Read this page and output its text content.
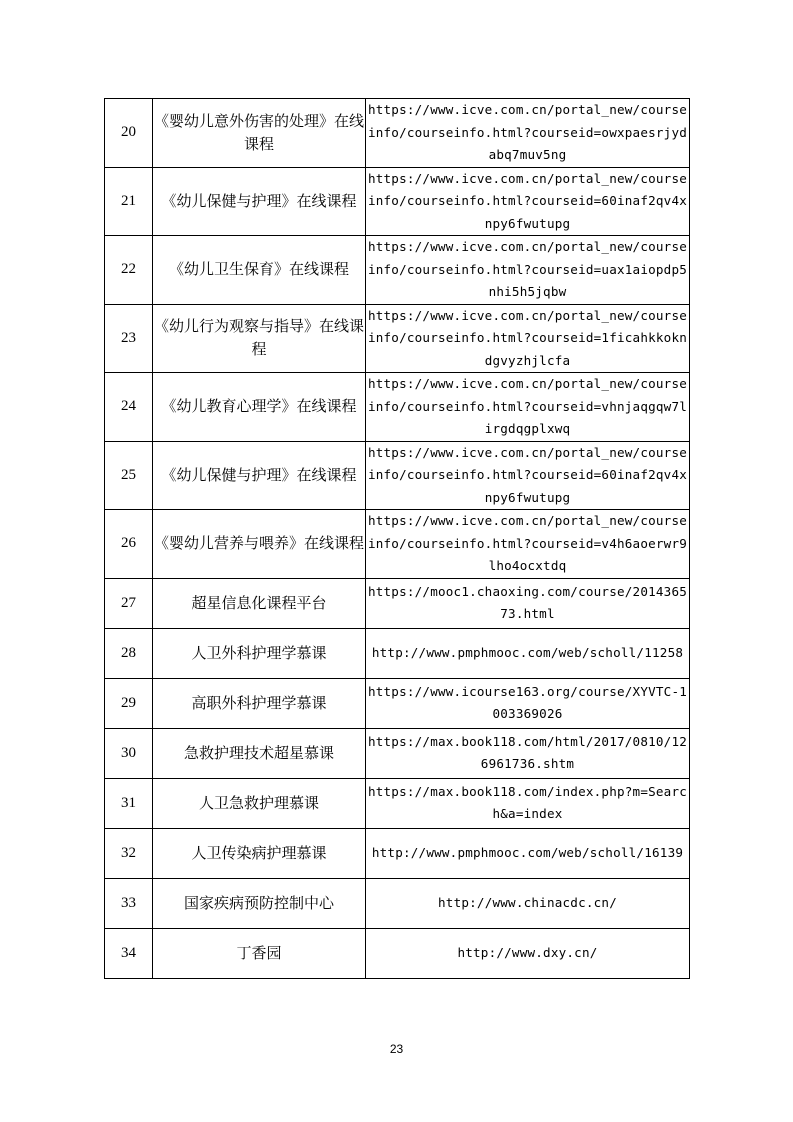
20	《婴幼儿意外伤害的处理》在线课程	https://www.icve.com.cn/portal_new/courseinfo/courseinfo.html?courseid=owxpaesrjydabq7muv5ng
21	《幼儿保健与护理》在线课程	https://www.icve.com.cn/portal_new/courseinfo/courseinfo.html?courseid=60inaf2qv4xnpy6fwutupg
22	《幼儿卫生保育》在线课程	https://www.icve.com.cn/portal_new/courseinfo/courseinfo.html?courseid=uax1aiopdp5nhi5h5jqbw
23	《幼儿行为观察与指导》在线课程	https://www.icve.com.cn/portal_new/courseinfo/courseinfo.html?courseid=1ficahkkokndgvyzhjlcfa
24	《幼儿教育心理学》在线课程	https://www.icve.com.cn/portal_new/courseinfo/courseinfo.html?courseid=vhnjaqgqw7lirgdqgplxwq
25	《幼儿保健与护理》在线课程	https://www.icve.com.cn/portal_new/courseinfo/courseinfo.html?courseid=60inaf2qv4xnpy6fwutupg
26	《婴幼儿营养与喂养》在线课程	https://www.icve.com.cn/portal_new/courseinfo/courseinfo.html?courseid=v4h6aoerwr9lho4ocxtdq
27	超星信息化课程平台	https://mooc1.chaoxing.com/course/201436573.html
28	人卫外科护理学慕课	http://www.pmphmooc.com/web/scholl/11258
29	高职外科护理学慕课	https://www.icourse163.org/course/XYVTC-1003369026
30	急救护理技术超星慕课	https://max.book118.com/html/2017/0810/126961736.shtm
31	人卫急救护理慕课	https://max.book118.com/index.php?m=Search&a=index
32	人卫传染病护理慕课	http://www.pmphmooc.com/web/scholl/16139
33	国家疾病预防控制中心	http://www.chinacdc.cn/
34	丁香园	http://www.dxy.cn/
23
